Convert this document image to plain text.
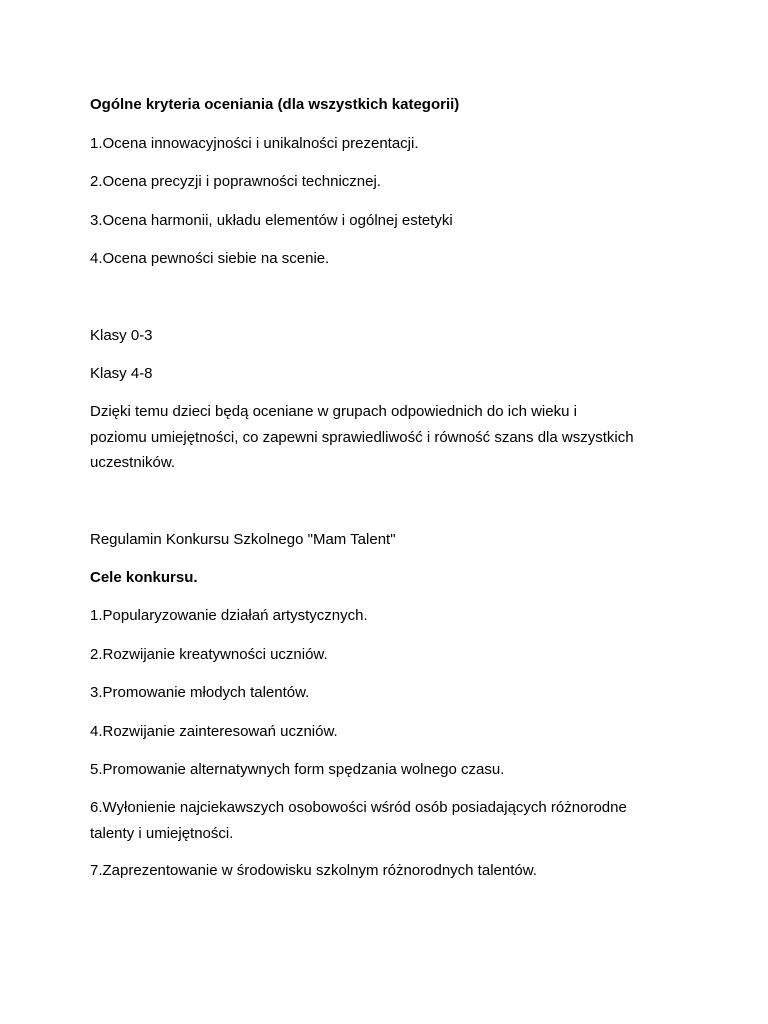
Ogólne kryteria oceniania (dla wszystkich kategorii)

1.Ocena innowacyjności i unikalności prezentacji.

2.Ocena precyzji i poprawności technicznej.

3.Ocena harmonii, układu elementów i ogólnej estetyki

4.Ocena pewności siebie na scenie.

Klasy 0-3

Klasy 4-8

Dzięki temu dzieci będą oceniane w grupach odpowiednich do ich wieku i
poziomu umiejętności, co zapewni sprawiedliwość i równość szans dla wszystkich
uczestników.

Regulamin Konkursu Szkolnego "Mam Talent"

Cele konkursu.

1.Popularyzowanie działań artystycznych.

2.Rozwijanie kreatywności uczniów.

3.Promowanie młodych talentów.

4.Rozwijanie zainteresowań uczniów.

5.Promowanie alternatywnych form spędzania wolnego czasu.

6.Wyłonienie najciekawszych osobowości wśród osób posiadających różnorodne
talenty i umiejętności.

7.Zaprezentowanie w środowisku szkolnym różnorodnych talentów.
